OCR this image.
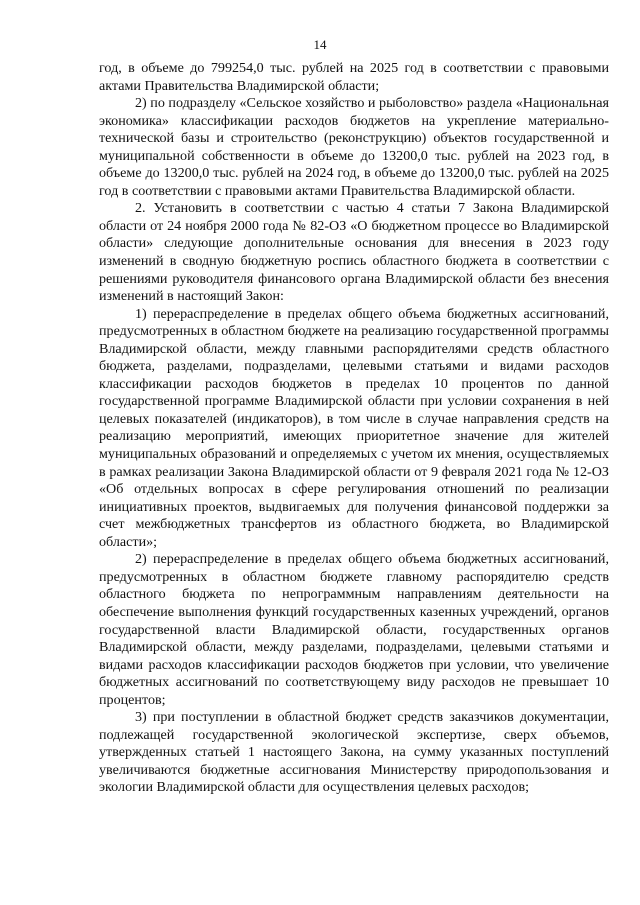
14

год, в объеме до 799254,0 тыс. рублей на 2025 год в соответствии с правовыми актами Правительства Владимирской области;

2) по подразделу «Сельское хозяйство и рыболовство» раздела «Национальная экономика» классификации расходов бюджетов на укрепление материально-технической базы и строительство (реконструкцию) объектов государственной и муниципальной собственности в объеме до 13200,0 тыс. рублей на 2023 год, в объеме до 13200,0 тыс. рублей на 2024 год, в объеме до 13200,0 тыс. рублей на 2025 год в соответствии с правовыми актами Правительства Владимирской области.

2. Установить в соответствии с частью 4 статьи 7 Закона Владимирской области от 24 ноября 2000 года № 82-ОЗ «О бюджетном процессе во Владимирской области» следующие дополнительные основания для внесения в 2023 году изменений в сводную бюджетную роспись областного бюджета в соответствии с решениями руководителя финансового органа Владимирской области без внесения изменений в настоящий Закон:

1) перераспределение в пределах общего объема бюджетных ассигнований, предусмотренных в областном бюджете на реализацию государственной программы Владимирской области, между главными распорядителями средств областного бюджета, разделами, подразделами, целевыми статьями и видами расходов классификации расходов бюджетов в пределах 10 процентов по данной государственной программе Владимирской области при условии сохранения в ней целевых показателей (индикаторов), в том числе в случае направления средств на реализацию мероприятий, имеющих приоритетное значение для жителей муниципальных образований и определяемых с учетом их мнения, осуществляемых в рамках реализации Закона Владимирской области от 9 февраля 2021 года № 12-ОЗ «Об отдельных вопросах в сфере регулирования отношений по реализации инициативных проектов, выдвигаемых для получения финансовой поддержки за счет межбюджетных трансфертов из областного бюджета, во Владимирской области»;

2) перераспределение в пределах общего объема бюджетных ассигнований, предусмотренных в областном бюджете главному распорядителю средств областного бюджета по непрограммным направлениям деятельности на обеспечение выполнения функций государственных казенных учреждений, органов государственной власти Владимирской области, государственных органов Владимирской области, между разделами, подразделами, целевыми статьями и видами расходов классификации расходов бюджетов при условии, что увеличение бюджетных ассигнований по соответствующему виду расходов не превышает 10 процентов;

3) при поступлении в областной бюджет средств заказчиков документации, подлежащей государственной экологической экспертизе, сверх объемов, утвержденных статьей 1 настоящего Закона, на сумму указанных поступлений увеличиваются бюджетные ассигнования Министерству природопользования и экологии Владимирской области для осуществления целевых расходов;
